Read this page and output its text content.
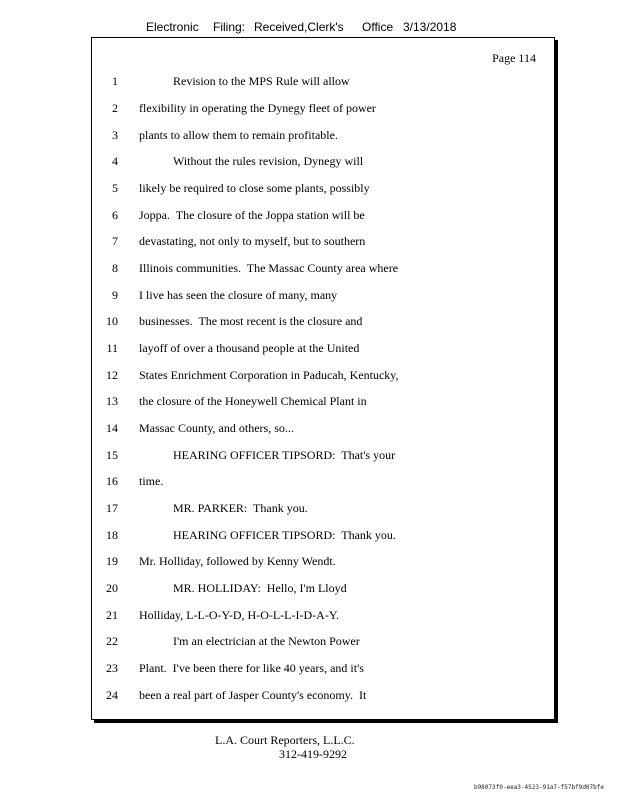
Electronic Filing: Received,Clerk's Office 3/13/2018
Page 114
1	Revision to the MPS Rule will allow
2 flexibility in operating the Dynegy fleet of power
3 plants to allow them to remain profitable.
4	Without the rules revision, Dynegy will
5 likely be required to close some plants, possibly
6 Joppa.  The closure of the Joppa station will be
7 devastating, not only to myself, but to southern
8 Illinois communities.  The Massac County area where
9 I live has seen the closure of many, many
10 businesses.  The most recent is the closure and
11 layoff of over a thousand people at the United
12 States Enrichment Corporation in Paducah, Kentucky,
13 the closure of the Honeywell Chemical Plant in
14 Massac County, and others, so...
15	HEARING OFFICER TIPSORD:  That's your
16 time.
17	MR. PARKER:  Thank you.
18	HEARING OFFICER TIPSORD:  Thank you.
19 Mr. Holliday, followed by Kenny Wendt.
20	MR. HOLLIDAY:  Hello, I'm Lloyd
21 Holliday, L-L-O-Y-D, H-O-L-L-I-D-A-Y.
22	I'm an electrician at the Newton Power
23 Plant.  I've been there for like 40 years, and it's
24 been a real part of Jasper County's economy.  It
L.A. Court Reporters, L.L.C.
312-419-9292
b98073f0-eea3-4523-91a7-f57bf9d07bfe
